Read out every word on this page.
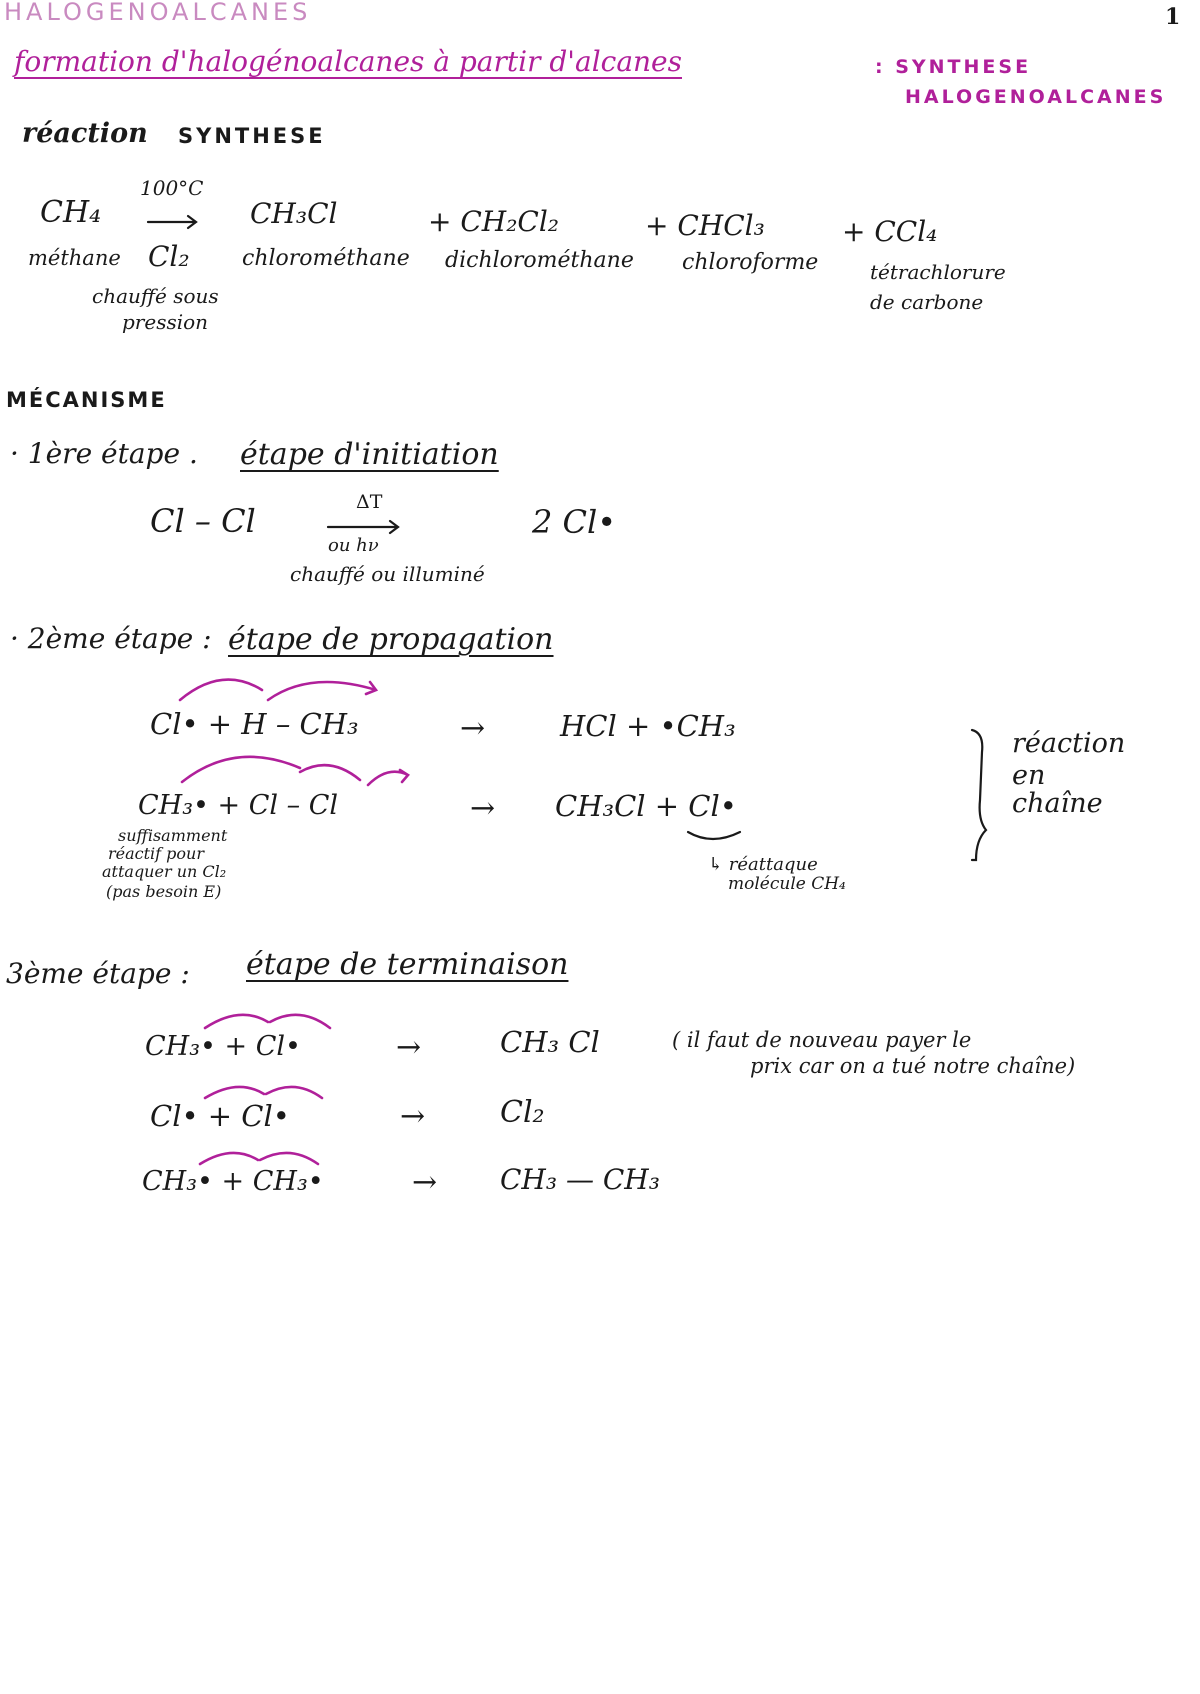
HALOGENOALCANES	1
formation d'halogénoalcanes à partir d'alcanes	: SYNTHESE
HALOGENOALCANES
réaction SYNTHESE
CH₄
méthane
100°C
Cl₂
chauffé sous
pression
CH₃Cl
chlorométhane
+ CH₂Cl₂
dichlorométhane
+ CHCl₃
chloroforme
+ CCl₄
tétrachlorure
de carbone
MÉCANISME
· 1ère étape . étape d'initiation
Cl – Cl	ΔT
ou hν
chauffé ou illuminé
2 Cl•
· 2ème étape : étape de propagation
Cl• + H – CH₃	HCl + •CH₃
CH₃• + Cl – Cl	CH₃Cl + Cl•
suffisamment
réactif pour
attaquer un Cl₂
(pas besoin E)
↳ réattaque
molécule CH₄
réaction
en
chaîne
3ème étape : étape de terminaison
CH₃• + Cl•	CH₃ Cl
Cl• + Cl•	Cl₂
CH₃• + CH₃•	CH₃ — CH₃
( il faut de nouveau payer le
prix car on a tué notre chaîne)
→
→
→
→
→
